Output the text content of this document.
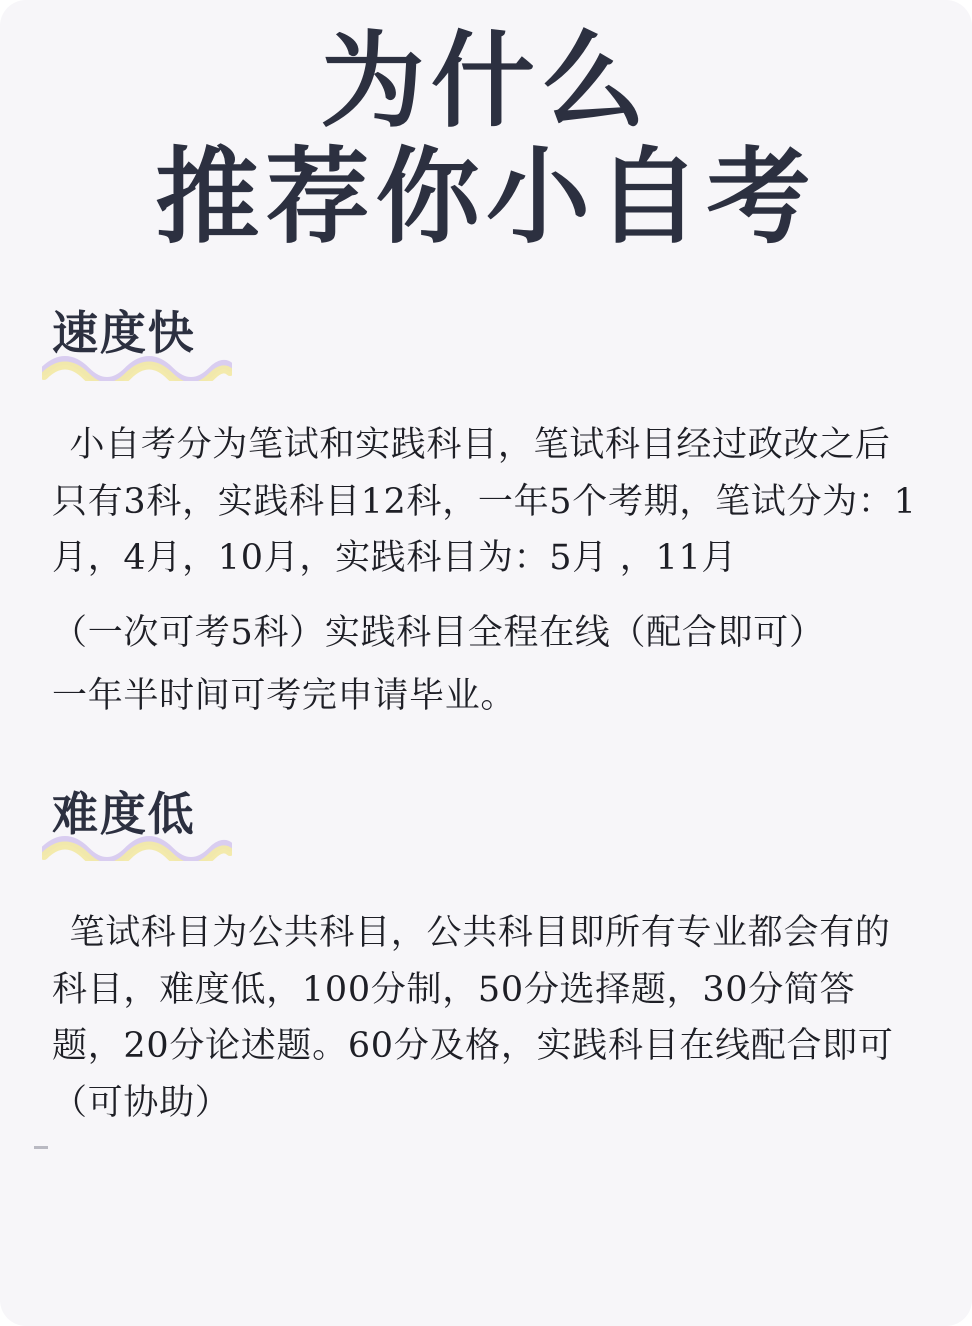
为什么
推荐你小自考
速度快

小自考分为笔试和实践科目，笔试科目经过政改之后只有3科，实践科目12科，一年5个考期，笔试分为：1月，4月，10月，实践科目为：5月 ，11月

（一次可考5科）实践科目全程在线（配合即可）

一年半时间可考完申请毕业。

难度低

笔试科目为公共科目，公共科目即所有专业都会有的科目，难度低，100分制，50分选择题，30分简答题，20分论述题。60分及格，实践科目在线配合即可（可协助）
